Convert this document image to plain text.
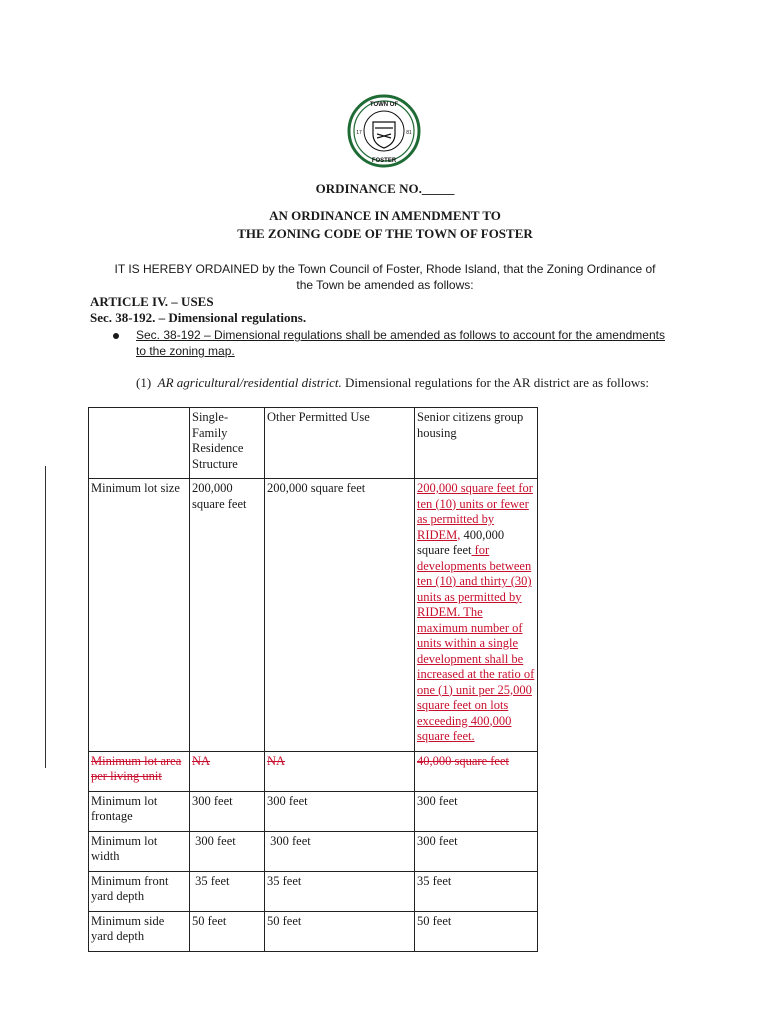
TOWN OF
FOSTER
17	81
ORDINANCE NO._____
AN ORDINANCE IN AMENDMENT TO
THE ZONING CODE OF THE TOWN OF FOSTER
IT IS HEREBY ORDAINED by the Town Council of Foster, Rhode Island, that the Zoning Ordinance of
the Town be amended as follows:
ARTICLE IV. – USES
Sec. 38-192. – Dimensional regulations.
Sec. 38-192 – Dimensional regulations shall be amended as follows to account for the amendments
to the zoning map.
(1) AR agricultural/residential district. Dimensional regulations for the AR district are as follows:
	Single-Family Residence Structure	Other Permitted Use	Senior citizens group housing
Minimum lot size	200,000 square feet	200,000 square feet	200,000 square feet for ten (10) units or fewer as permitted by RIDEM, 400,000 square feet for developments between ten (10) and thirty (30) units as permitted by RIDEM. The maximum number of units within a single development shall be increased at the ratio of one (1) unit per 25,000 square feet on lots exceeding 400,000 square feet.
Minimum lot area per living unit	NA	NA	40,000 square feet
Minimum lot frontage	300 feet	300 feet	300 feet
Minimum lot width	300 feet	300 feet	300 feet
Minimum front yard depth	35 feet	35 feet	35 feet
Minimum side yard depth	50 feet	50 feet	50 feet
